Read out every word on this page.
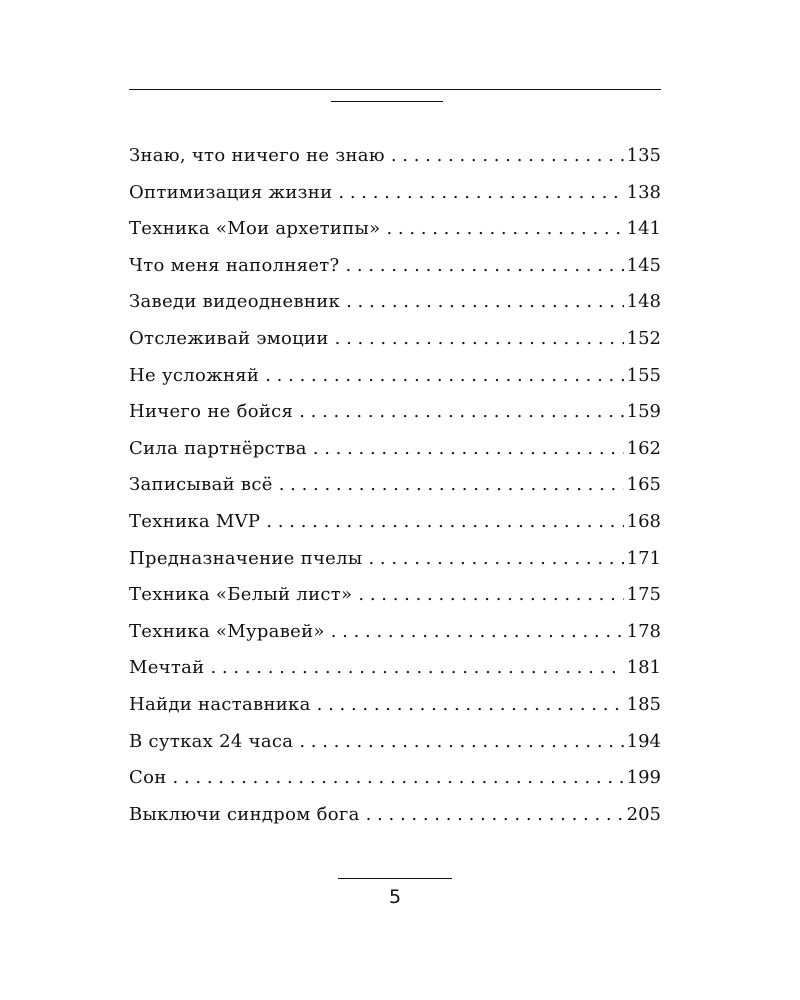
Знаю, что ничего не знаю . . .	135
Оптимизация жизни . . .	138
Техника «Мои архетипы» . . .	141
Что меня наполняет? . . .	145
Заведи видеодневник . . .	148
Отслеживай эмоции . . .	152
Не усложняй . . .	155
Ничего не бойся . . .	159
Сила партнёрства . . .	162
Записывай всё . . .	165
Техника MVP . . .	168
Предназначение пчелы . . .	171
Техника «Белый лист» . . .	175
Техника «Муравей» . . .	178
Мечтай . . .	181
Найди наставника . . .	185
В сутках 24 часа . . .	194
Сон . . .	199
Выключи синдром бога . . .	205
5
